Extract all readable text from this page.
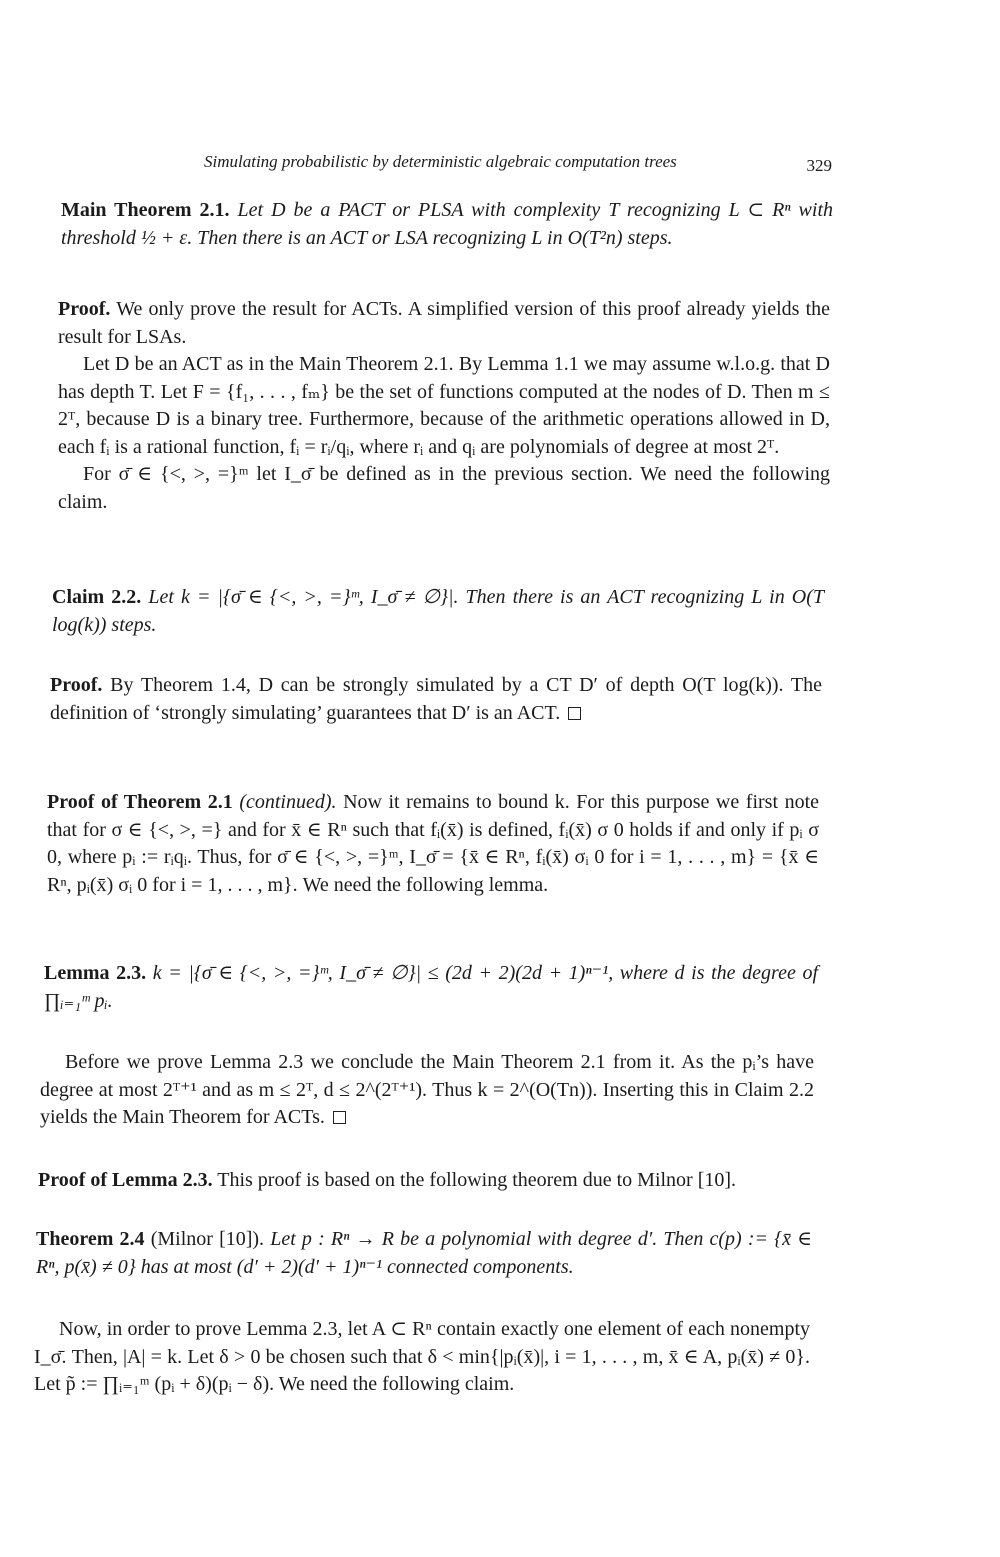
Simulating probabilistic by deterministic algebraic computation trees	329

Main Theorem 2.1. Let D be a PACT or PLSA with complexity T recognizing L ⊂ Rⁿ with threshold ½ + ε. Then there is an ACT or LSA recognizing L in O(T²n) steps.

Proof. We only prove the result for ACTs. A simplified version of this proof already yields the result for LSAs.

Let D be an ACT as in the Main Theorem 2.1. By Lemma 1.1 we may assume w.l.o.g. that D has depth T. Let F = {f₁, . . . , fₘ} be the set of functions computed at the nodes of D. Then m ≤ 2ᵀ, because D is a binary tree. Furthermore, because of the arithmetic operations allowed in D, each fᵢ is a rational function, fᵢ = rᵢ/qᵢ, where rᵢ and qᵢ are polynomials of degree at most 2ᵀ.

For σ̄ ∈ {<, >, =}ᵐ let I_σ̄ be defined as in the previous section. We need the following claim.

Claim 2.2. Let k = |{σ̄ ∈ {<, >, =}ᵐ, I_σ̄ ≠ ∅}|. Then there is an ACT recognizing L in O(T log(k)) steps.

Proof. By Theorem 1.4, D can be strongly simulated by a CT D′ of depth O(T log(k)). The definition of ‘strongly simulating’ guarantees that D′ is an ACT.

Proof of Theorem 2.1 (continued). Now it remains to bound k. For this purpose we first note that for σ ∈ {<, >, =} and for x̄ ∈ Rⁿ such that fᵢ(x̄) is defined, fᵢ(x̄) σ 0 holds if and only if pᵢ σ 0, where pᵢ := rᵢqᵢ. Thus, for σ̄ ∈ {<, >, =}ᵐ, I_σ̄ = {x̄ ∈ Rⁿ, fᵢ(x̄) σᵢ 0 for i = 1, . . . , m} = {x̄ ∈ Rⁿ, pᵢ(x̄) σᵢ 0 for i = 1, . . . , m}. We need the following lemma.

Lemma 2.3. k = |{σ̄ ∈ {<, >, =}ᵐ, I_σ̄ ≠ ∅}| ≤ (2d + 2)(2d + 1)ⁿ⁻¹, where d is the degree of ∏ᵢ₌₁ᵐ pᵢ.

Before we prove Lemma 2.3 we conclude the Main Theorem 2.1 from it. As the pᵢ’s have degree at most 2ᵀ⁺¹ and as m ≤ 2ᵀ, d ≤ 2^(2ᵀ⁺¹). Thus k = 2^(O(Tn)). Inserting this in Claim 2.2 yields the Main Theorem for ACTs.

Proof of Lemma 2.3. This proof is based on the following theorem due to Milnor [10].

Theorem 2.4 (Milnor [10]). Let p : Rⁿ → R be a polynomial with degree d′. Then c(p) := {x̄ ∈ Rⁿ, p(x̄) ≠ 0} has at most (d′ + 2)(d′ + 1)ⁿ⁻¹ connected components.

Now, in order to prove Lemma 2.3, let A ⊂ Rⁿ contain exactly one element of each nonempty I_σ̄. Then, |A| = k. Let δ > 0 be chosen such that δ < min{|pᵢ(x̄)|, i = 1, . . . , m, x̄ ∈ A, pᵢ(x̄) ≠ 0}. Let p̃ := ∏ᵢ₌₁ᵐ (pᵢ + δ)(pᵢ − δ). We need the following claim.
